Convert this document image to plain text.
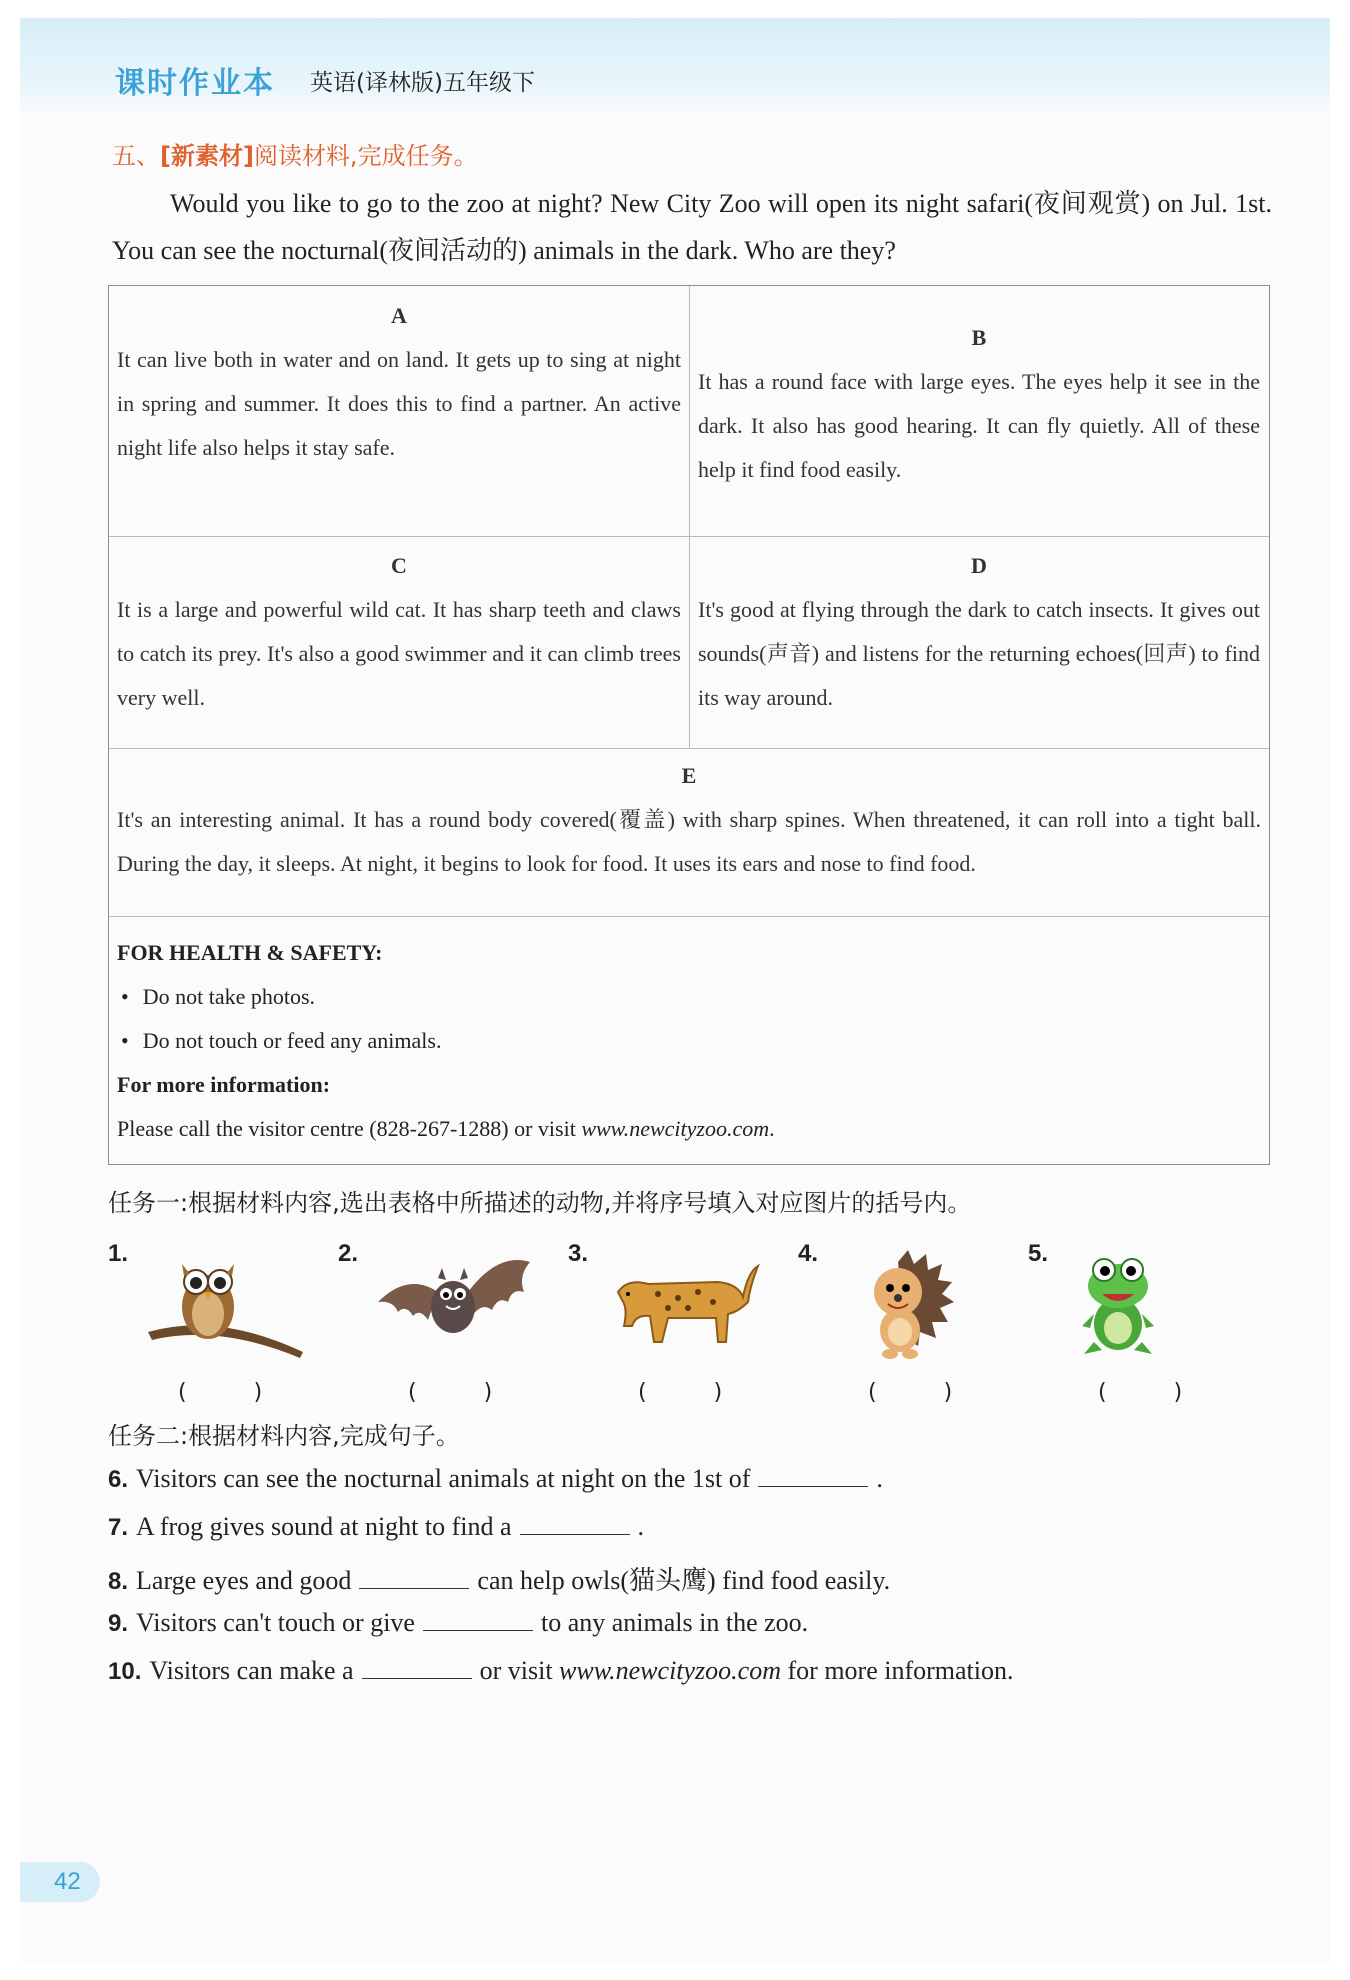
课时作业本 英语(译林版)五年级下
五、[新素材]阅读材料,完成任务。

Would you like to go to the zoo at night? New City Zoo will open its night safari(夜间观赏) on Jul. 1st. You can see the nocturnal(夜间活动的) animals in the dark. Who are they?

A
It can live both in water and on land. It gets up to sing at night in spring and summer. It does this to find a partner. An active night life also helps it stay safe.
B
It has a round face with large eyes. The eyes help it see in the dark. It also has good hearing. It can fly quietly. All of these help it find food easily.
C
It is a large and powerful wild cat. It has sharp teeth and claws to catch its prey. It's also a good swimmer and it can climb trees very well.
D
It's good at flying through the dark to catch insects. It gives out sounds(声音) and listens for the returning echoes(回声) to find its way around.
E
It's an interesting animal. It has a round body covered(覆盖) with sharp spines. When threatened, it can roll into a tight ball. During the day, it sleeps. At night, it begins to look for food. It uses its ears and nose to find food.
FOR HEALTH & SAFETY:
• Do not take photos.
• Do not touch or feed any animals.
For more information:
Please call the visitor centre (828-267-1288) or visit www.newcityzoo.com.
任务一:根据材料内容,选出表格中所描述的动物,并将序号填入对应图片的括号内。
1.
( )
2.
( )
3.
( )
4.
( )
5.
( )
任务二:根据材料内容,完成句子。
6. Visitors can see the nocturnal animals at night on the 1st of	.
7. A frog gives sound at night to find a	.
8. Large eyes and good	can help owls(猫头鹰) find food easily.
9. Visitors can't touch or give	to any animals in the zoo.
10. Visitors can make a	or visit www.newcityzoo.com for more information.
42
